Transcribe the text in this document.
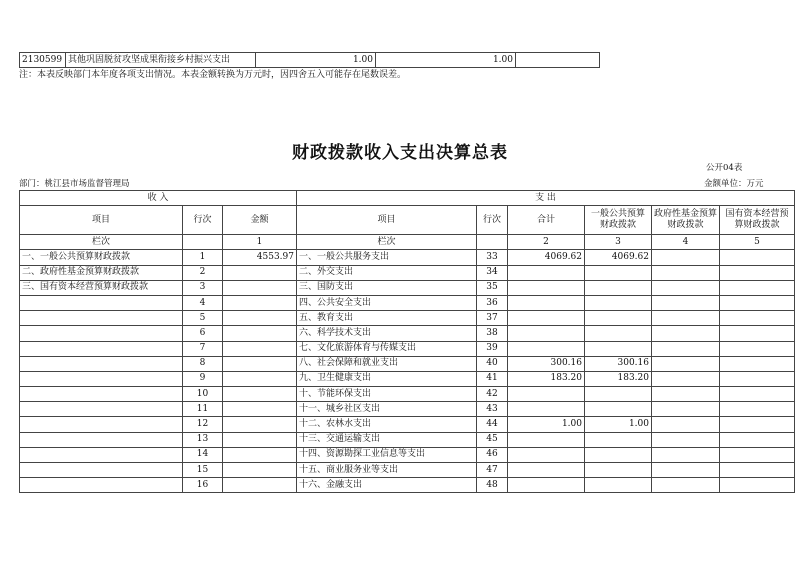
2130599	其他巩固脱贫攻坚成果衔接乡村振兴支出	1.00	1.00	
注：本表反映部门本年度各项支出情况。本表金额转换为万元时，因四舍五入可能存在尾数误差。
财政拨款收入支出决算总表
公开04表
部门：桃江县市场监督管理局	金额单位：万元
收 入			支 出					
项目	行次	金额	项目	行次	合计	一般公共预算财政拨款	政府性基金预算财政拨款	国有资本经营预算财政拨款
栏次		1	栏次		2	3	4	5
一、一般公共预算财政拨款	1	4553.97	一、一般公共服务支出	33	4069.62	4069.62		
二、政府性基金预算财政拨款	2		二、外交支出	34				
三、国有资本经营预算财政拨款	3		三、国防支出	35				
	4		四、公共安全支出	36				
	5		五、教育支出	37				
	6		六、科学技术支出	38				
	7		七、文化旅游体育与传媒支出	39				
	8		八、社会保障和就业支出	40	300.16	300.16		
	9		九、卫生健康支出	41	183.20	183.20		
	10		十、节能环保支出	42				
	11		十一、城乡社区支出	43				
	12		十二、农林水支出	44	1.00	1.00		
	13		十三、交通运输支出	45				
	14		十四、资源勘探工业信息等支出	46				
	15		十五、商业服务业等支出	47				
	16		十六、金融支出	48				
